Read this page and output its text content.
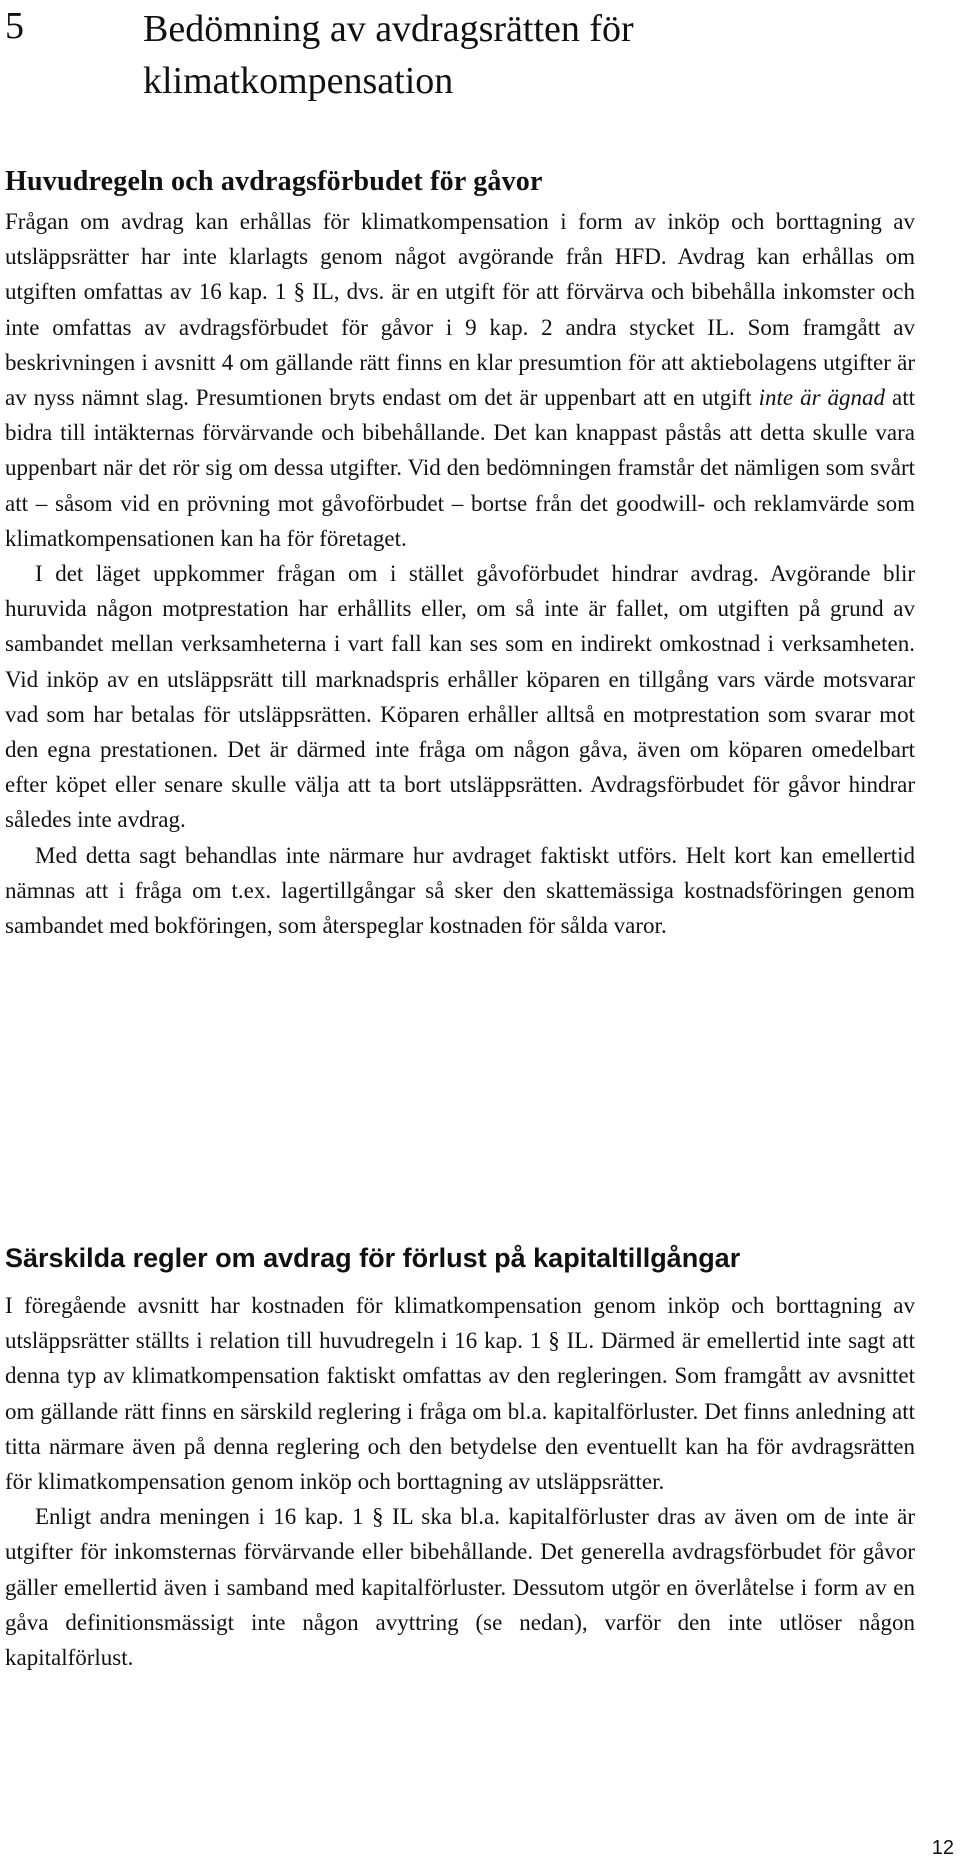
5	Bedömning av avdragsrätten för klimatkompensation
Huvudregeln och avdragsförbudet för gåvor

Frågan om avdrag kan erhållas för klimatkompensation i form av inköp och borttagning av utsläppsrätter har inte klarlagts genom något avgörande från HFD. Avdrag kan erhållas om utgiften omfattas av 16 kap. 1 § IL, dvs. är en utgift för att förvärva och bibehålla inkomster och inte omfattas av avdragsförbudet för gåvor i 9 kap. 2 andra stycket IL. Som framgått av beskrivningen i avsnitt 4 om gällande rätt finns en klar presumtion för att aktiebolagens utgifter är av nyss nämnt slag. Presumtionen bryts endast om det är uppenbart att en utgift inte är ägnad att bidra till intäkternas förvärvande och bibehållande. Det kan knappast påstås att detta skulle vara uppenbart när det rör sig om dessa utgifter. Vid den bedömningen framstår det nämligen som svårt att – såsom vid en prövning mot gåvoförbudet – bortse från det goodwill- och reklamvärde som klimatkompensationen kan ha för företaget.

I det läget uppkommer frågan om i stället gåvoförbudet hindrar avdrag. Avgörande blir huruvida någon motprestation har erhållits eller, om så inte är fallet, om utgiften på grund av sambandet mellan verksamheterna i vart fall kan ses som en indirekt omkostnad i verksamheten. Vid inköp av en utsläppsrätt till marknadspris erhåller köparen en tillgång vars värde motsvarar vad som har betalas för utsläppsrätten. Köparen erhåller alltså en motprestation som svarar mot den egna prestationen. Det är därmed inte fråga om någon gåva, även om köparen omedelbart efter köpet eller senare skulle välja att ta bort utsläppsrätten. Avdragsförbudet för gåvor hindrar således inte avdrag.

Med detta sagt behandlas inte närmare hur avdraget faktiskt utförs. Helt kort kan emellertid nämnas att i fråga om t.ex. lagertillgångar så sker den skattemässiga kostnadsföringen genom sambandet med bokföringen, som återspeglar kostnaden för sålda varor.

Särskilda regler om avdrag för förlust på kapitaltillgångar

I föregående avsnitt har kostnaden för klimatkompensation genom inköp och borttagning av utsläppsrätter ställts i relation till huvudregeln i 16 kap. 1 § IL. Därmed är emellertid inte sagt att denna typ av klimatkompensation faktiskt omfattas av den regleringen. Som framgått av avsnittet om gällande rätt finns en särskild reglering i fråga om bl.a. kapitalförluster. Det finns anledning att titta närmare även på denna reglering och den betydelse den eventuellt kan ha för avdragsrätten för klimatkompensation genom inköp och borttagning av utsläppsrätter.

Enligt andra meningen i 16 kap. 1 § IL ska bl.a. kapitalförluster dras av även om de inte är utgifter för inkomsternas förvärvande eller bibehållande. Det generella avdragsförbudet för gåvor gäller emellertid även i samband med kapitalförluster. Dessutom utgör en överlåtelse i form av en gåva definitionsmässigt inte någon avyttring (se nedan), varför den inte utlöser någon kapitalförlust.

12
